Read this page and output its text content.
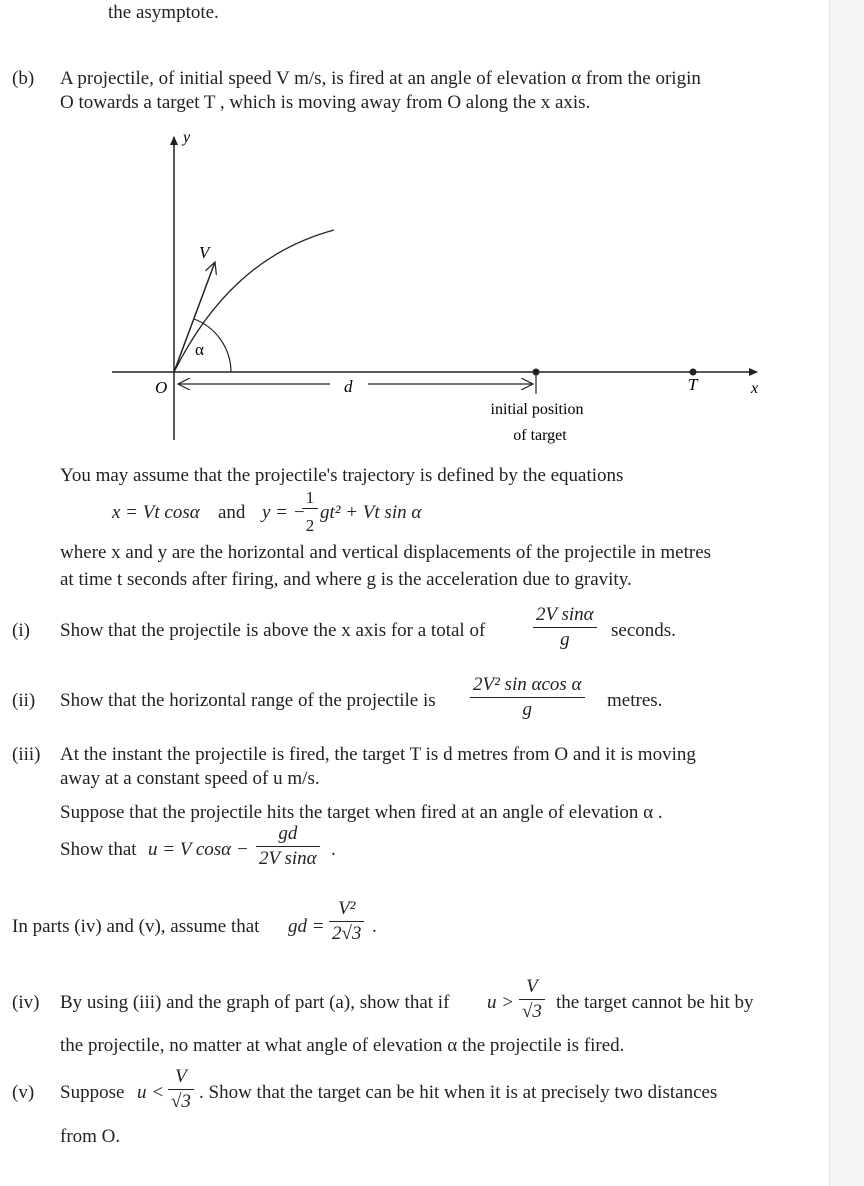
the asymptote.
(b) A projectile, of initial speed V m/s, is fired at an angle of elevation α from the origin
O towards a target T , which is moving away from O along the x axis.
y
x
V
α
O	d	T
initial position
of target
You may assume that the projectile's trajectory is defined by the equations
x = Vt cosα and y = −
1
2
gt² + Vt sin α
where x and y are the horizontal and vertical displacements of the projectile in metres
at time t seconds after firing, and where g is the acceleration due to gravity.
(i) Show that the projectile is above the x axis for a total of	$\frac{\text{2V sinα}}{g}$ seconds.
(ii) Show that the horizontal range of the projectile is $\frac{\text{2V² sin αcos α}}{g}$ metres.
(iii) At the instant the projectile is fired, the target T is d metres from O and it is moving
away at a constant speed of u m/s.
Suppose that the projectile hits the target when fired at an angle of elevation α .
Show that u = V $\cos\alpha - \frac{gd}{\text{2V sinα}}$ .
In parts (iv) and (v), assume that gd = $\frac{\text{V²}}{2√3}$ .
(iv) By using (iii) and the graph of part (a), show that if $u > \frac{V}{√3}$ the target cannot be hit by
the projectile, no matter at what angle of elevation α the projectile is fired.
(v) Suppose $u < \frac{V}{√3}$ . Show that the target can be hit when it is at precisely two distances
from O.
